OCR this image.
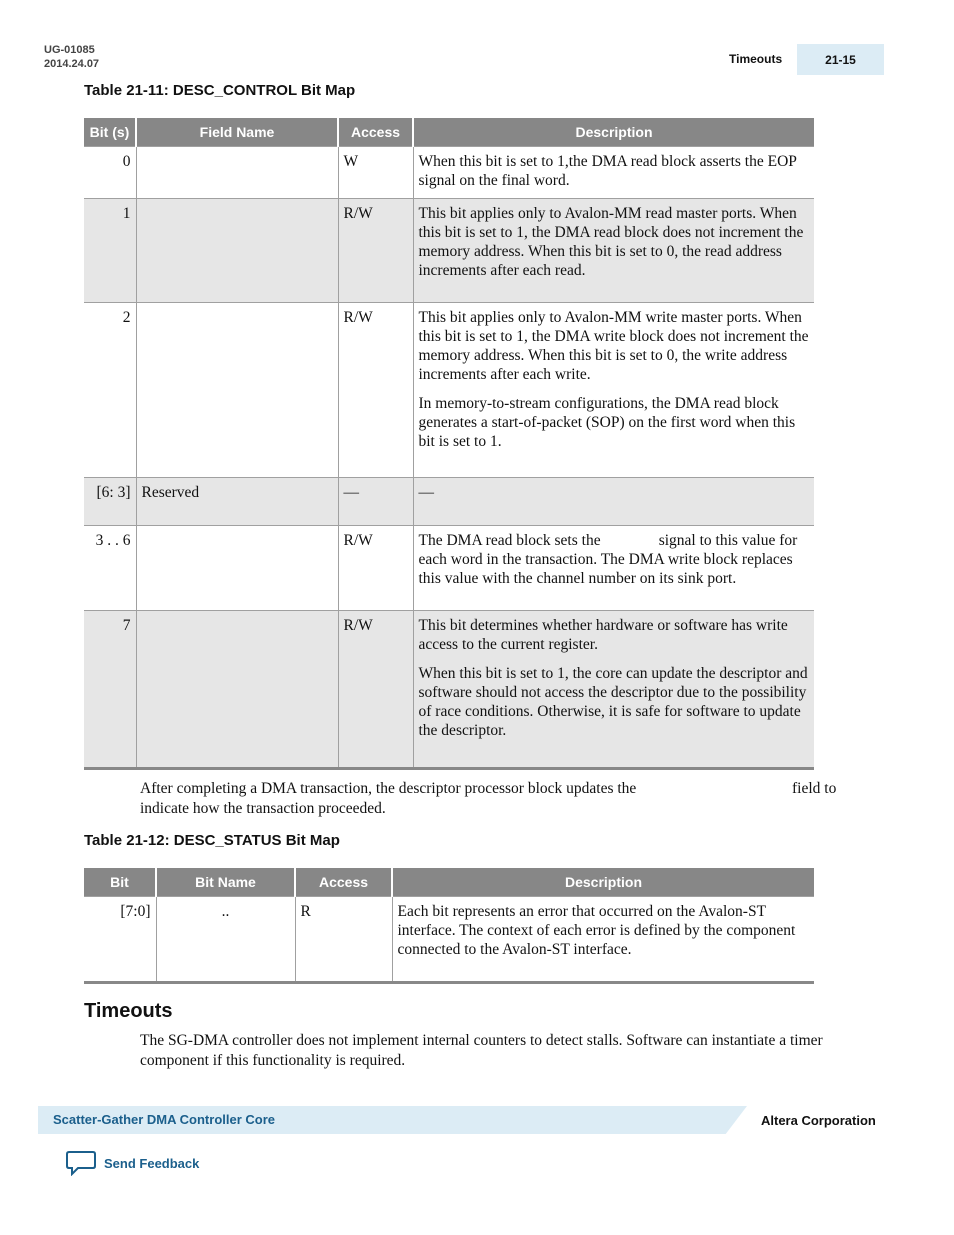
UG-01085
2014.24.07	Timeouts	21-15
Table 21-11: DESC_CONTROL Bit Map
Bit (s)	Field Name	Access	Description
0		W	When this bit is set to 1,the DMA read block asserts the EOP signal on the final word.

1		R/W	This bit applies only to Avalon-MM read master ports. When this bit is set to 1, the DMA read block does not increment the memory address. When this bit is set to 0, the read address increments after each read.

2		R/W	This bit applies only to Avalon-MM write master ports. When this bit is set to 1, the DMA write block does not increment the memory address. When this bit is set to 0, the write address increments after each write.

In memory-to-stream configurations, the DMA read block generates a start-of-packet (SOP) on the first word when this bit is set to 1.

[6: 3]	Reserved	—	—

3 . . 6		R/W	The DMA read block sets the               signal to this value for each word in the transaction. The DMA write block replaces this value with the channel number on its sink port.

7		R/W	This bit determines whether hardware or software has write access to the current register.

When this bit is set to 1, the core can update the descriptor and software should not access the descriptor due to the possibility of race conditions. Otherwise, it is safe for software to update the descriptor.

After completing a DMA transaction, the descriptor processor block updates the	field to
indicate how the transaction proceeded.
Table 21-12: DESC_STATUS Bit Map
Bit	Bit Name	Access	Description
[7:0]	..	R	Each bit represents an error that occurred on the Avalon-ST interface. The context of each error is defined by the component connected to the Avalon-ST interface.

Timeouts
The SG-DMA controller does not implement internal counters to detect stalls. Software can instantiate a timer component if this functionality is required.
Scatter-Gather DMA Controller Core	Altera Corporation
Send Feedback
